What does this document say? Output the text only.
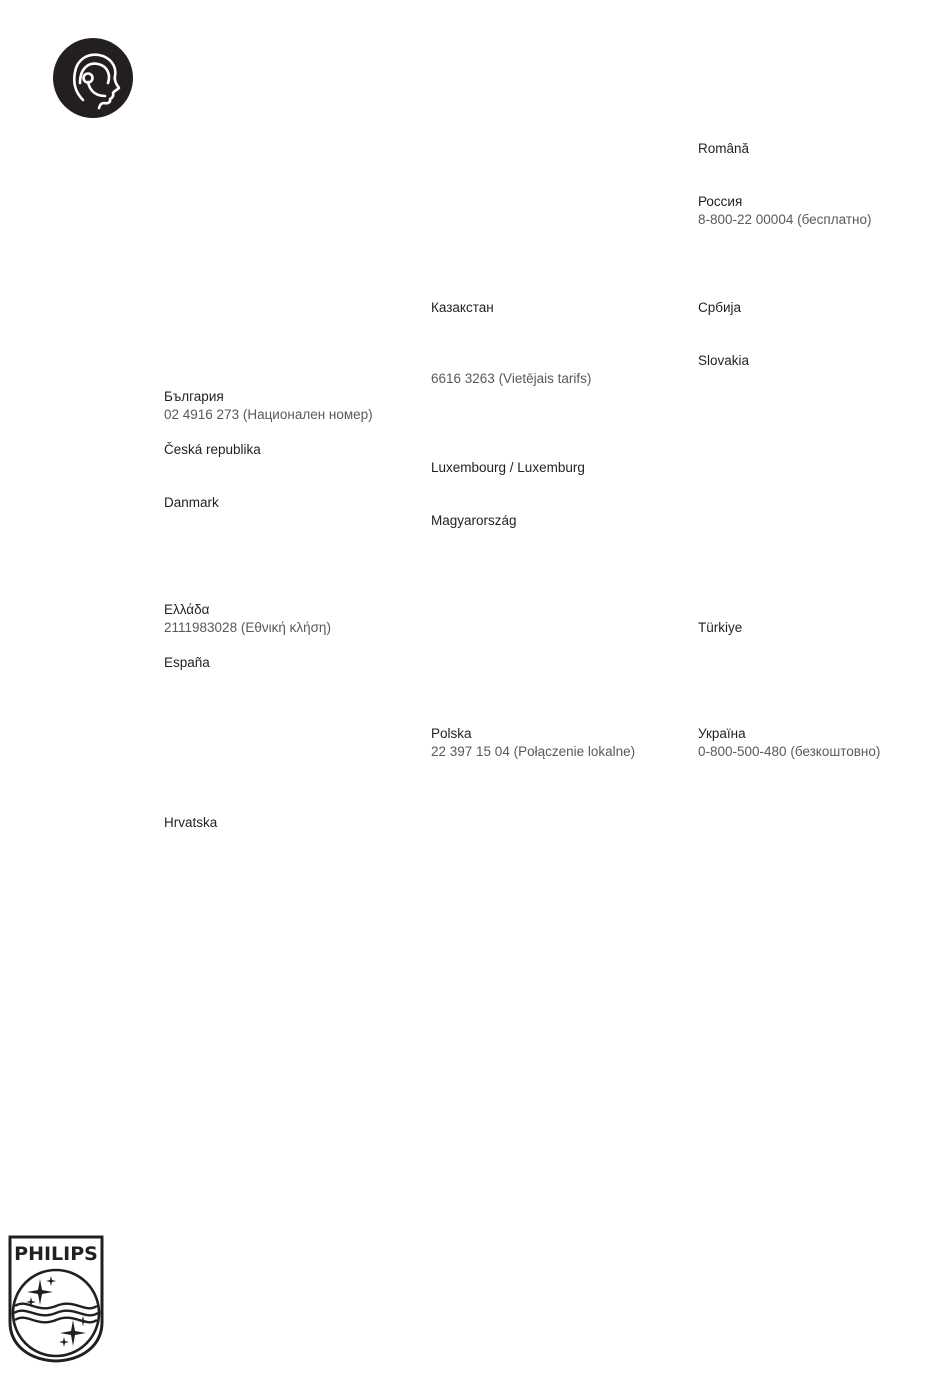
България
02 4916 273 (Национален номер)
Česká republika
Danmark
Ελλάδα
2111983028 (Εθνική κλήση)
España
Hrvatska
Казакстан
6616 3263 (Vietējais tarifs)
Luxembourg / Luxemburg
Magyarország
Polska
22 397 15 04 (Połączenie lokalne)
Română
Россия
8-800-22 00004 (бесплатно)
Србија
Slovakia
Türkiye
Україна
0-800-500-480 (безкоштовно)
PHILIPS
